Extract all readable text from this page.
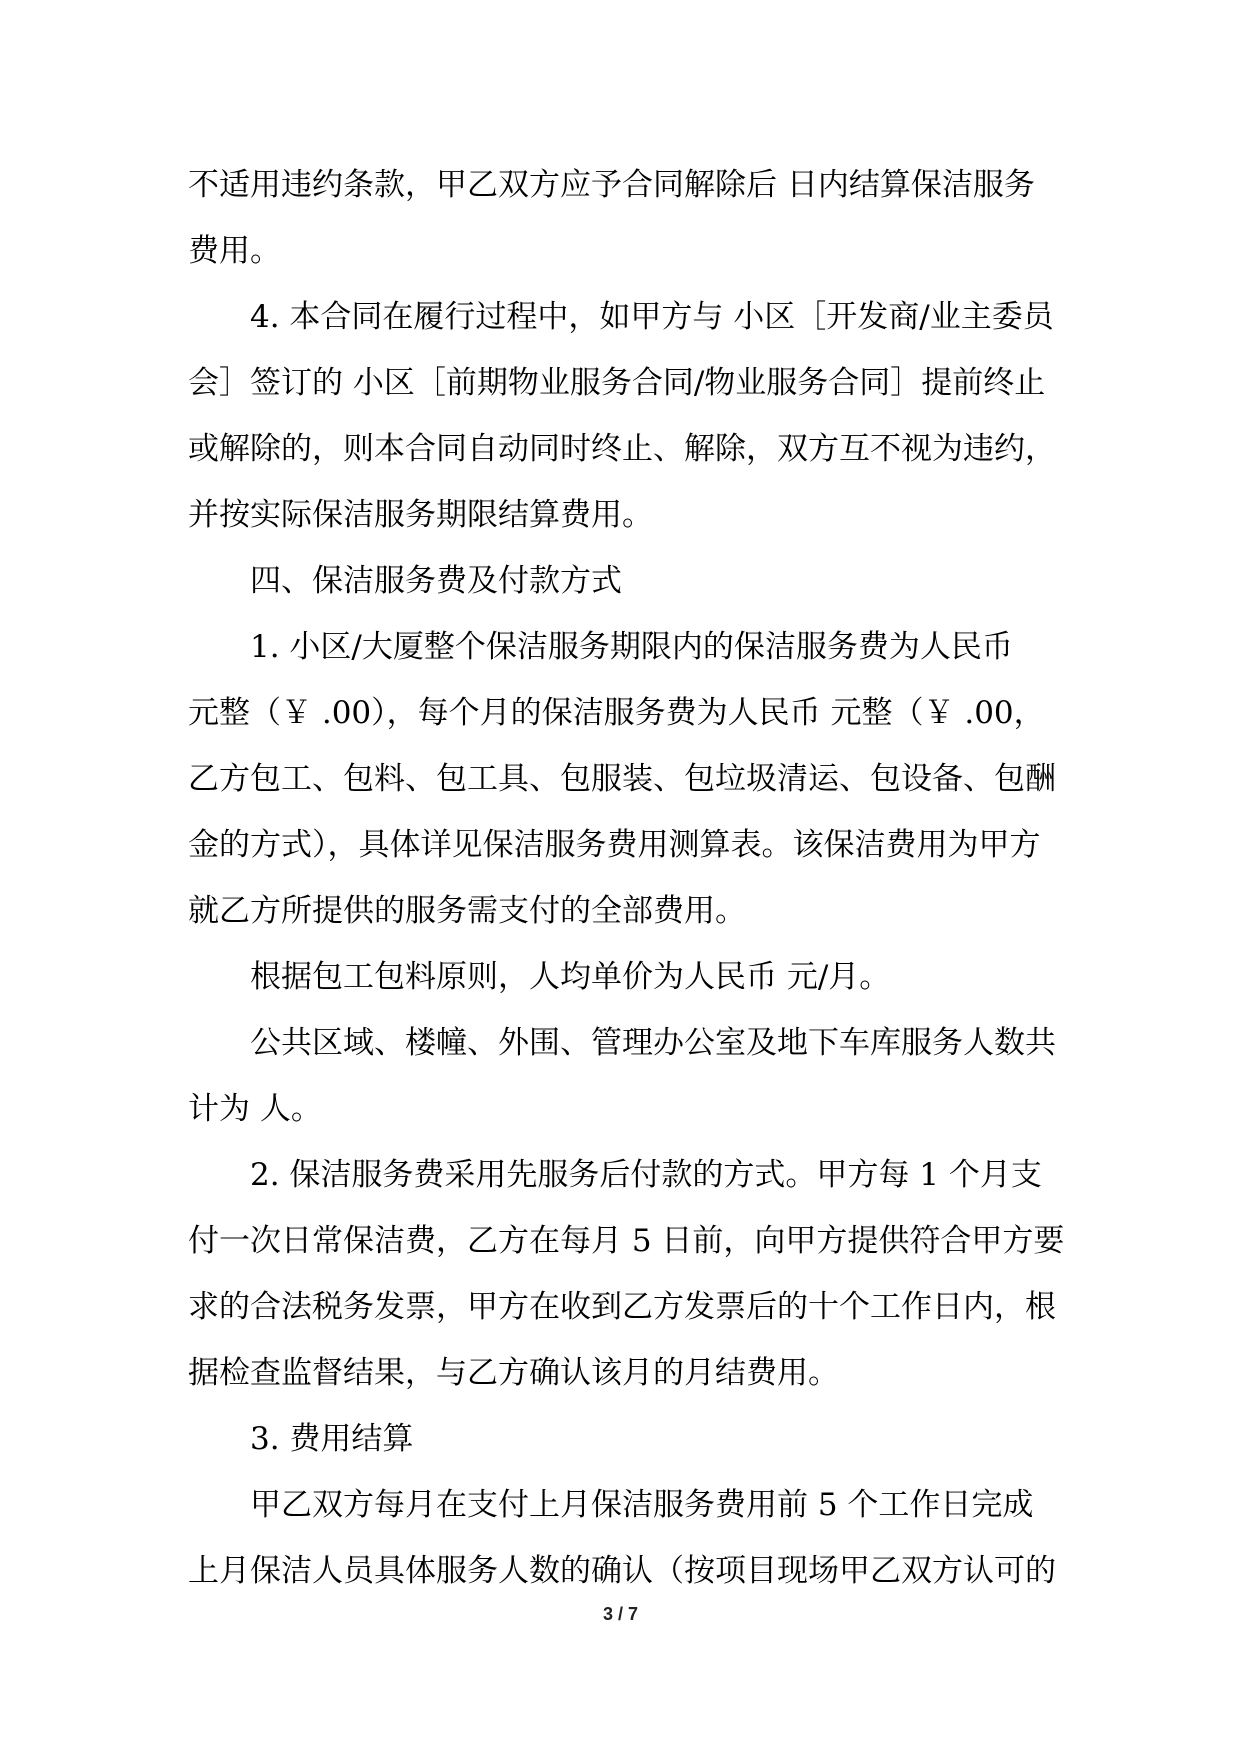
不适用违约条款，甲乙双方应予合同解除后 日内结算保洁服务
费用。
4. 本合同在履行过程中，如甲方与 小区［开发商/业主委员
会］签订的 小区［前期物业服务合同/物业服务合同］提前终止
或解除的，则本合同自动同时终止、解除，双方互不视为违约，
并按实际保洁服务期限结算费用。
四、保洁服务费及付款方式
1. 小区/大厦整个保洁服务期限内的保洁服务费为人民币
元整（￥ .00），每个月的保洁服务费为人民币 元整（￥ .00，
乙方包工、包料、包工具、包服装、包垃圾清运、包设备、包酬
金的方式），具体详见保洁服务费用测算表。该保洁费用为甲方
就乙方所提供的服务需支付的全部费用。
根据包工包料原则，人均单价为人民币 元/月。
公共区域、楼幢、外围、管理办公室及地下车库服务人数共
计为 人。
2. 保洁服务费采用先服务后付款的方式。甲方每 1 个月支
付一次日常保洁费，乙方在每月 5 日前，向甲方提供符合甲方要
求的合法税务发票，甲方在收到乙方发票后的十个工作日内，根
据检查监督结果，与乙方确认该月的月结费用。
3. 费用结算
甲乙双方每月在支付上月保洁服务费用前 5 个工作日完成
上月保洁人员具体服务人数的确认（按项目现场甲乙双方认可的
3 / 7
